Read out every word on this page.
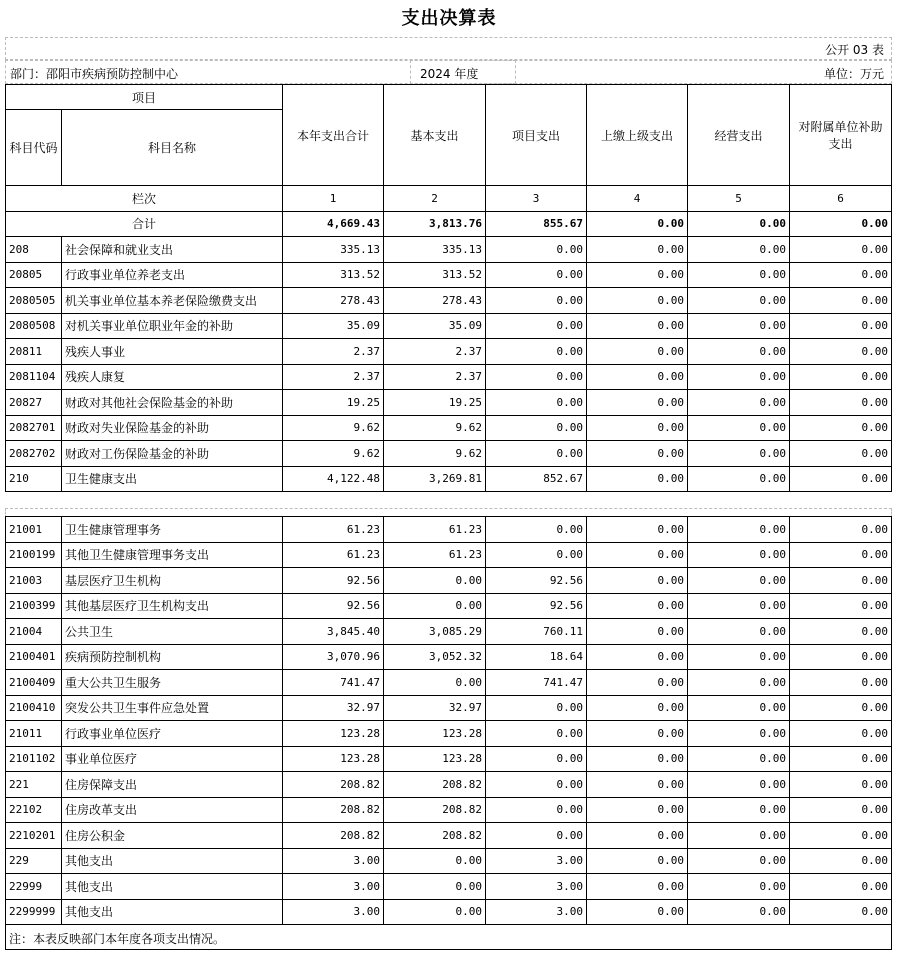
支出决算表
公开 03 表
部门：邵阳市疾病预防控制中心	2024 年度	单位：万元
项目		本年支出合计	基本支出	项目支出	上缴上级支出	经营支出	对附属单位补助支出
科目代码	科目名称						

栏次		1	2	3	4	5	6
合计		4,669.43	3,813.76	855.67	0.00	0.00	0.00
208	社会保障和就业支出	335.13	335.13	0.00	0.00	0.00	0.00
20805	行政事业单位养老支出	313.52	313.52	0.00	0.00	0.00	0.00
2080505	机关事业单位基本养老保险缴费支出	278.43	278.43	0.00	0.00	0.00	0.00
2080508	对机关事业单位职业年金的补助	35.09	35.09	0.00	0.00	0.00	0.00
20811	残疾人事业	2.37	2.37	0.00	0.00	0.00	0.00
2081104	残疾人康复	2.37	2.37	0.00	0.00	0.00	0.00
20827	财政对其他社会保险基金的补助	19.25	19.25	0.00	0.00	0.00	0.00
2082701	财政对失业保险基金的补助	9.62	9.62	0.00	0.00	0.00	0.00
2082702	财政对工伤保险基金的补助	9.62	9.62	0.00	0.00	0.00	0.00
210	卫生健康支出	4,122.48	3,269.81	852.67	0.00	0.00	0.00
21001	卫生健康管理事务	61.23	61.23	0.00	0.00	0.00	0.00
2100199	其他卫生健康管理事务支出	61.23	61.23	0.00	0.00	0.00	0.00
21003	基层医疗卫生机构	92.56	0.00	92.56	0.00	0.00	0.00
2100399	其他基层医疗卫生机构支出	92.56	0.00	92.56	0.00	0.00	0.00
21004	公共卫生	3,845.40	3,085.29	760.11	0.00	0.00	0.00
2100401	疾病预防控制机构	3,070.96	3,052.32	18.64	0.00	0.00	0.00
2100409	重大公共卫生服务	741.47	0.00	741.47	0.00	0.00	0.00
2100410	突发公共卫生事件应急处置	32.97	32.97	0.00	0.00	0.00	0.00
21011	行政事业单位医疗	123.28	123.28	0.00	0.00	0.00	0.00
2101102	事业单位医疗	123.28	123.28	0.00	0.00	0.00	0.00
221	住房保障支出	208.82	208.82	0.00	0.00	0.00	0.00
22102	住房改革支出	208.82	208.82	0.00	0.00	0.00	0.00
2210201	住房公积金	208.82	208.82	0.00	0.00	0.00	0.00
229	其他支出	3.00	0.00	3.00	0.00	0.00	0.00
22999	其他支出	3.00	0.00	3.00	0.00	0.00	0.00
2299999	其他支出	3.00	0.00	3.00	0.00	0.00	0.00
注：本表反映部门本年度各项支出情况。
